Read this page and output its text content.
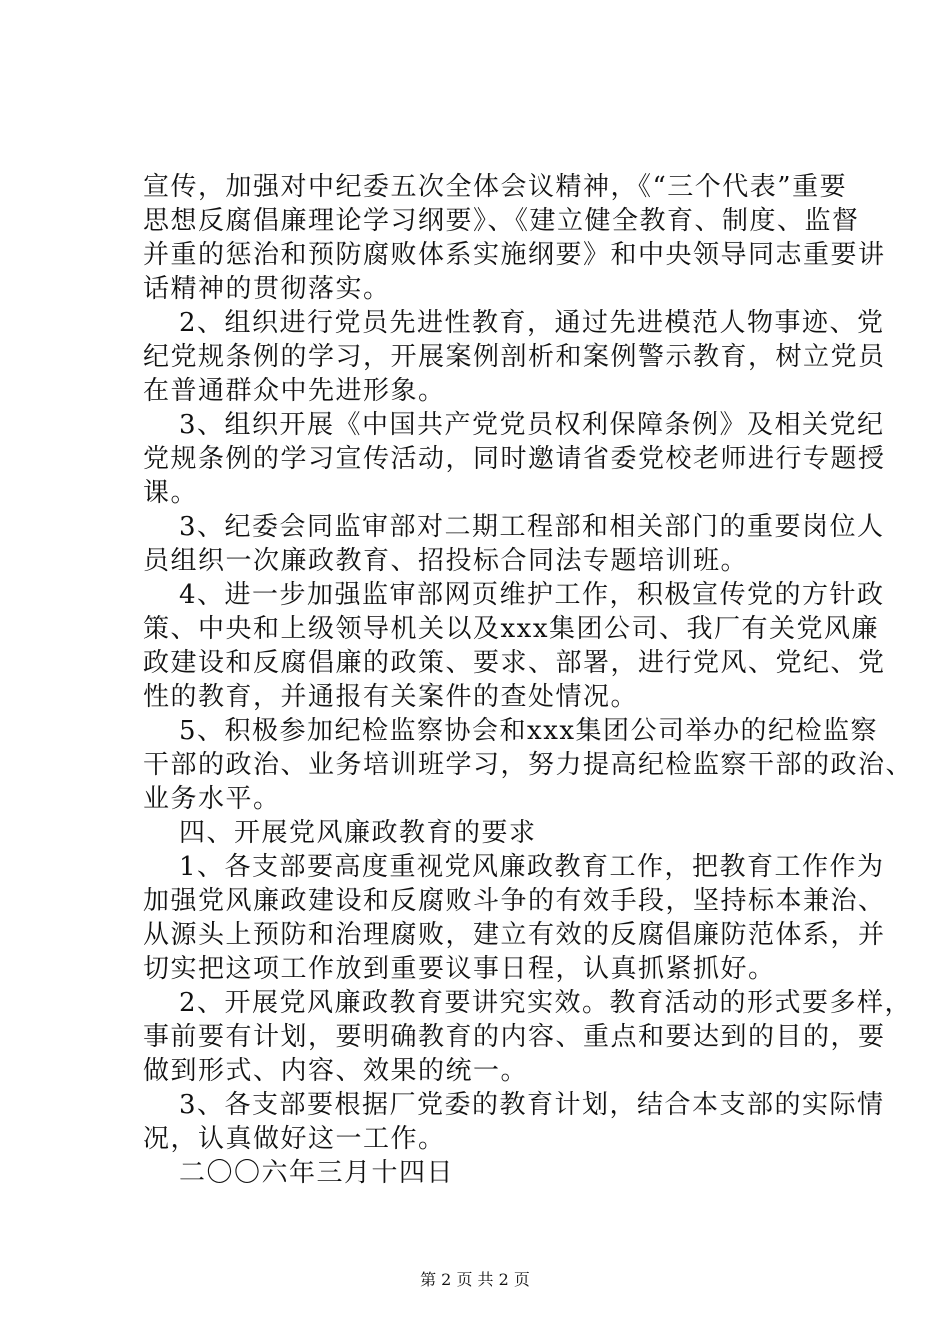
宣传，加强对中纪委五次全体会议精神，《“三个代表”重要
思想反腐倡廉理论学习纲要》、《建立健全教育、制度、监督
并重的惩治和预防腐败体系实施纲要》和中央领导同志重要讲
话精神的贯彻落实。
2、组织进行党员先进性教育，通过先进模范人物事迹、党
纪党规条例的学习，开展案例剖析和案例警示教育，树立党员
在普通群众中先进形象。
3、组织开展《中国共产党党员权利保障条例》及相关党纪
党规条例的学习宣传活动，同时邀请省委党校老师进行专题授
课。
3、纪委会同监审部对二期工程部和相关部门的重要岗位人
员组织一次廉政教育、招投标合同法专题培训班。
4、进一步加强监审部网页维护工作，积极宣传党的方针政
策、中央和上级领导机关以及xxx集团公司、我厂有关党风廉
政建设和反腐倡廉的政策、要求、部署，进行党风、党纪、党
性的教育，并通报有关案件的查处情况。
5、积极参加纪检监察协会和xxx集团公司举办的纪检监察
干部的政治、业务培训班学习，努力提高纪检监察干部的政治、
业务水平。
四、开展党风廉政教育的要求
1、各支部要高度重视党风廉政教育工作，把教育工作作为
加强党风廉政建设和反腐败斗争的有效手段，坚持标本兼治、
从源头上预防和治理腐败，建立有效的反腐倡廉防范体系，并
切实把这项工作放到重要议事日程，认真抓紧抓好。
2、开展党风廉政教育要讲究实效。教育活动的形式要多样，
事前要有计划，要明确教育的内容、重点和要达到的目的，要
做到形式、内容、效果的统一。
3、各支部要根据厂党委的教育计划，结合本支部的实际情
况，认真做好这一工作。
二〇〇六年三月十四日
第 2 页 共 2 页
